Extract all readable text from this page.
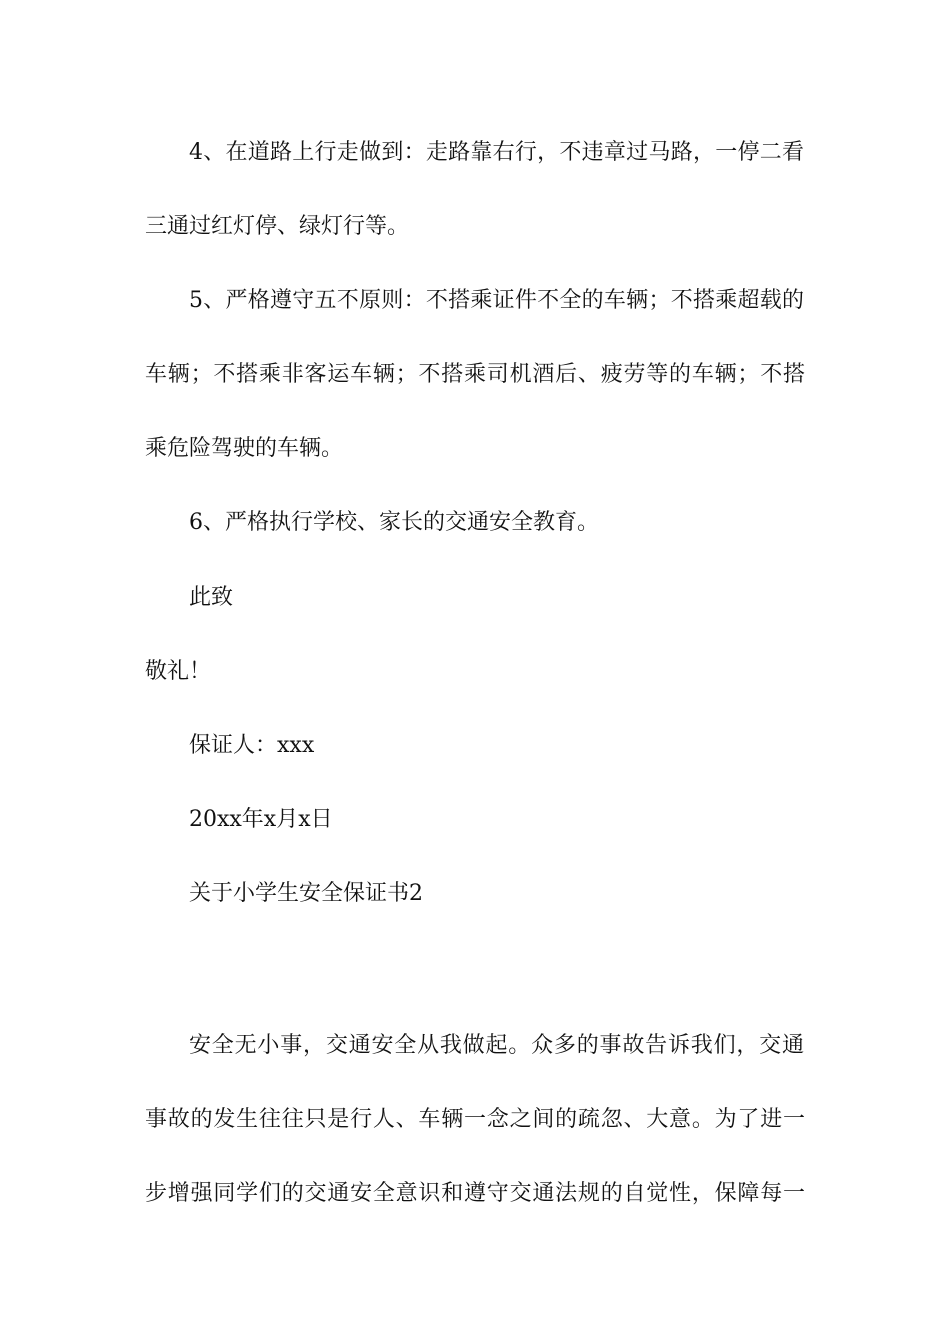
4、在道路上行走做到：走路靠右行，不违章过马路，一停二看
三通过红灯停、绿灯行等。
5、严格遵守五不原则：不搭乘证件不全的车辆；不搭乘超载的
车辆；不搭乘非客运车辆；不搭乘司机酒后、疲劳等的车辆；不搭
乘危险驾驶的车辆。
6、严格执行学校、家长的交通安全教育。
此致
敬礼！
保证人：xxx
20xx年x月x日
关于小学生安全保证书2
安全无小事，交通安全从我做起。众多的事故告诉我们，交通
事故的发生往往只是行人、车辆一念之间的疏忽、大意。为了进一
步增强同学们的交通安全意识和遵守交通法规的自觉性，保障每一
